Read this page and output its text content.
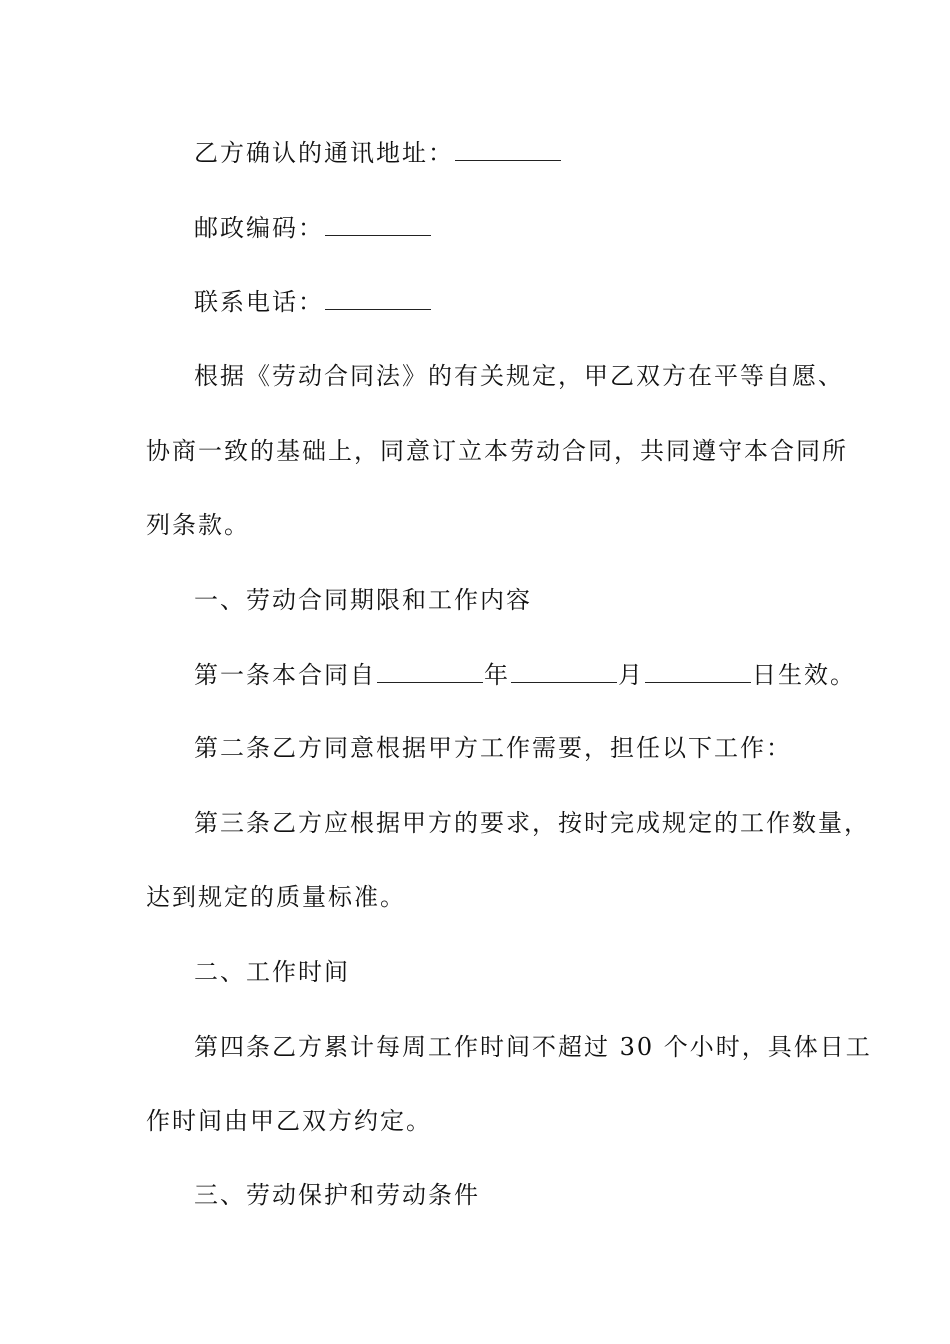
乙方确认的通讯地址：
邮政编码：
联系电话：
根据《劳动合同法》的有关规定，甲乙双方在平等自愿、
协商一致的基础上，同意订立本劳动合同，共同遵守本合同所
列条款。
一、劳动合同期限和工作内容
第一条本合同自	年	月	日生效。
第二条乙方同意根据甲方工作需要，担任以下工作：
第三条乙方应根据甲方的要求，按时完成规定的工作数量，
达到规定的质量标准。
二、工作时间
第四条乙方累计每周工作时间不超过 30 个小时，具体日工
作时间由甲乙双方约定。
三、劳动保护和劳动条件
